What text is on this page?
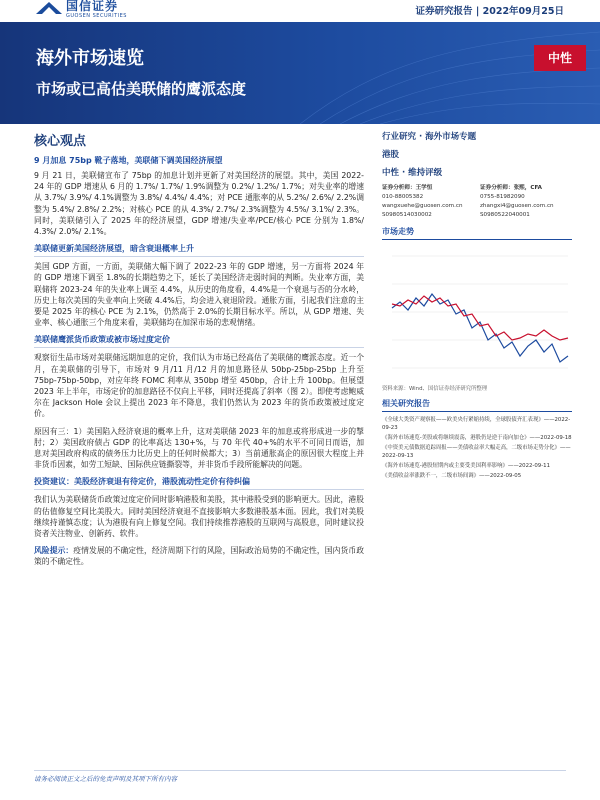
国信证券
GUOSEN SECURITIES	证券研究报告 | 2022年09月25日
海外市场速览
市场或已高估美联储的鹰派态度
中性
核心观点
9 月加息 75bp 靴子落地，美联储下调美国经济展望
9 月 21 日，美联储宣布了 75bp 的加息计划并更新了对美国经济的展望。其中，美国 2022-24 年的 GDP 增速从 6 月的 1.7%/ 1.7%/ 1.9%调整为 0.2%/ 1.2%/ 1.7%；对失业率的增速从 3.7%/ 3.9%/ 4.1%调整为 3.8%/ 4.4%/ 4.4%；对 PCE 通胀率的从 5.2%/ 2.6%/ 2.2%调整为 5.4%/ 2.8%/ 2.2%；对核心 PCE 的从 4.3%/ 2.7%/ 2.3%调整为 4.5%/ 3.1%/ 2.3%。同时，美联储引入了 2025 年的经济展望，GDP 增速/失业率/PCE/核心 PCE 分别为 1.8%/ 4.3%/ 2.0%/ 2.1%。
美联储更新美国经济展望，暗含衰退概率上升
美国 GDP 方面，一方面，美联储大幅下调了 2022-23 年的 GDP 增速，另一方面将 2024 年的 GDP 增速下调至 1.8%的长期趋势之下，延长了美国经济走弱时间的判断。失业率方面，美联储将 2023-24 年的失业率上调至 4.4%，从历史的角度看，4.4%是一个衰退与否的分水岭，历史上每次美国的失业率向上突破 4.4%后，均会进入衰退阶段。通胀方面，引起我们注意的主要是 2025 年的核心 PCE 为 2.1%，仍然高于 2.0%的长期目标水平。所以，从 GDP 增速、失业率、核心通胀三个角度来看，美联储均在加深市场的悲观情绪。
美联储鹰派货币政策或被市场过度定价
观察衍生品市场对美联储远期加息的定价，我们认为市场已经高估了美联储的鹰派态度。近一个月，在美联储的引导下，市场对 9 月/11 月/12 月的加息路径从 50bp-25bp-25bp 上升至 75bp-75bp-50bp，对应年终 FOMC 利率从 350bp 增至 450bp，合计上升 100bp。但展望 2023 年上半年，市场定价的加息路径不仅向上平移，同时还提高了斜率（图 2）。即使考虑鲍威尔在 Jackson Hole 会议上提出 2023 年不降息，我们仍然认为 2023 年的货币政策被过度定价。
原因有三：1）美国陷入经济衰退的概率上升，这对美联储 2023 年的加息或将形成进一步的掣肘；2）美国政府债占 GDP 的比率高达 130+%，与 70 年代 40+%的水平不可同日而语，加息对美国政府构成的债务压力比历史上的任何时候都大；3）当前通胀高企的原因很大程度上并非货币因素，如劳工短缺、国际供应链撕裂等，并非货币手段所能解决的问题。
投资建议：美股经济衰退有待定价，港股流动性定价有待纠偏
我们认为美联储货币政策过度定价同时影响港股和美股，其中港股受到的影响更大。因此，港股的估值修复空间比美股大。同时美国经济衰退不直接影响大多数港股基本面。因此，我们对美股继续持谨慎态度；认为港股有向上修复空间。我们持续推荐港股的互联网与高股息，同时建议投资者关注物业、创新药、软件。
风险提示：疫情发展的不确定性，经济周期下行的风险，国际政治局势的不确定性，国内货币政策的不确定性。
行业研究 · 海外市场专题
港股
中性 · 维持评级
证券分析师：王学恒
010-88005382
wangxuehe@guosen.com.cn
S0980514030002
证券分析师：张熙，CFA
0755-81982090
zhangxi4@guosen.com.cn
S0980522040001
市场走势
资料来源：Wind、国信证券经济研究所整理
相关研究报告
《全球大类资产观察报——欧美央行紧缩持续，全球股债齐汇表现》——2022-09-23
《海外市场速览-美股或将继续震荡，港股仍是逆于南向加仓》——2022-09-18
《中资美元债数据追踪周报——美债收益率大幅走高，二级市场走势分化》——2022-09-13
《海外市场速览-港股短期内或主要受美国利率影响》——2022-09-11
《美债收益率涨跌不一，二级市场间调》——2022-09-05
请务必阅读正文之后的免责声明及其项下所有内容
